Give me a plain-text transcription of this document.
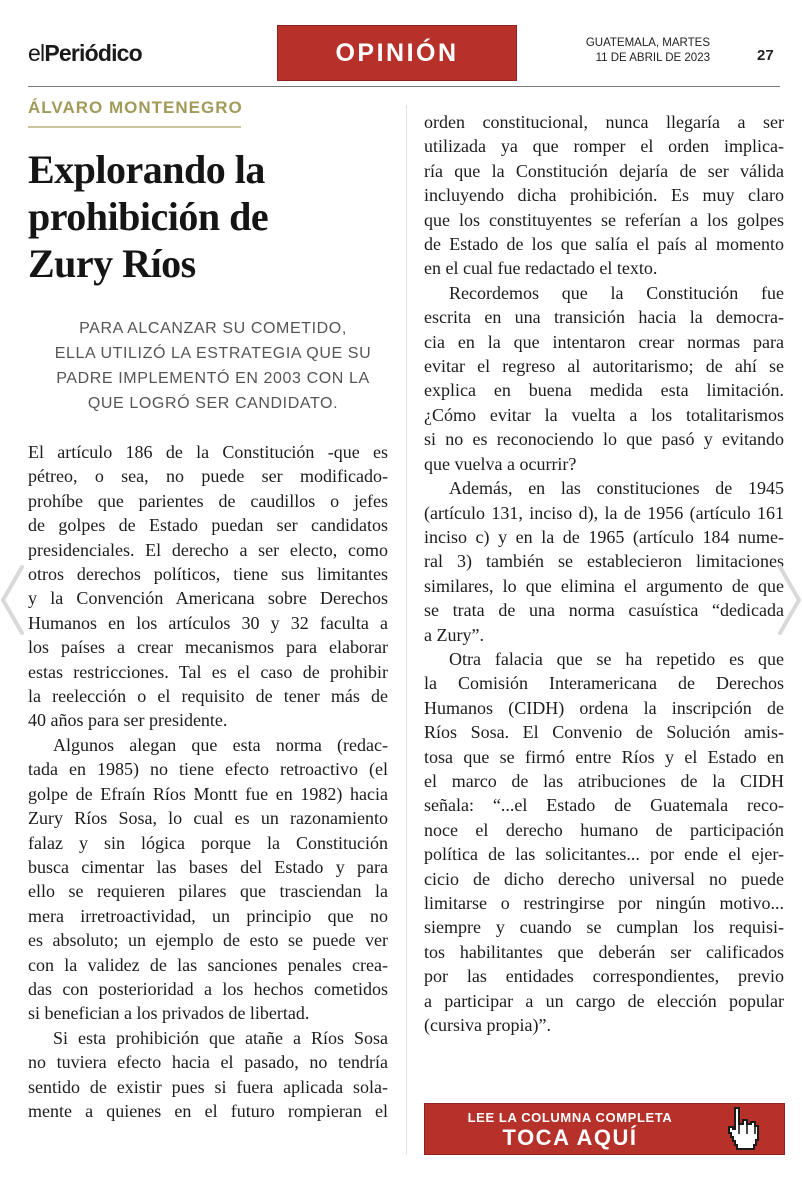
elPeriódico	OPINIÓN	GUATEMALA, MARTES
11 DE ABRIL DE 2023	27
ÁLVARO MONTENEGRO
Explorando la
prohibición de
Zury Ríos
PARA ALCANZAR SU COMETIDO,
ELLA UTILIZÓ LA ESTRATEGIA QUE SU
PADRE IMPLEMENTÓ EN 2003 CON LA
QUE LOGRÓ SER CANDIDATO.
El artículo 186 de la Constitución -que es
pétreo, o sea, no puede ser modificado-
prohíbe que parientes de caudillos o jefes
de golpes de Estado puedan ser candidatos
presidenciales. El derecho a ser electo, como
otros derechos políticos, tiene sus limitantes
y la Convención Americana sobre Derechos
Humanos en los artículos 30 y 32 faculta a
los países a crear mecanismos para elaborar
estas restricciones. Tal es el caso de prohibir
la reelección o el requisito de tener más de
40 años para ser presidente.
Algunos alegan que esta norma (redac-
tada en 1985) no tiene efecto retroactivo (el
golpe de Efraín Ríos Montt fue en 1982) hacia
Zury Ríos Sosa, lo cual es un razonamiento
falaz y sin lógica porque la Constitución
busca cimentar las bases del Estado y para
ello se requieren pilares que trasciendan la
mera irretroactividad, un principio que no
es absoluto; un ejemplo de esto se puede ver
con la validez de las sanciones penales crea-
das con posterioridad a los hechos cometidos
si benefician a los privados de libertad.
Si esta prohibición que atañe a Ríos Sosa
no tuviera efecto hacia el pasado, no tendría
sentido de existir pues si fuera aplicada sola-
mente a quienes en el futuro rompieran el
orden constitucional, nunca llegaría a ser
utilizada ya que romper el orden implica-
ría que la Constitución dejaría de ser válida
incluyendo dicha prohibición. Es muy claro
que los constituyentes se referían a los golpes
de Estado de los que salía el país al momento
en el cual fue redactado el texto.
Recordemos que la Constitución fue
escrita en una transición hacia la democra-
cia en la que intentaron crear normas para
evitar el regreso al autoritarismo; de ahí se
explica en buena medida esta limitación.
¿Cómo evitar la vuelta a los totalitarismos
si no es reconociendo lo que pasó y evitando
que vuelva a ocurrir?
Además, en las constituciones de 1945
(artículo 131, inciso d), la de 1956 (artículo 161
inciso c) y en la de 1965 (artículo 184 nume-
ral 3) también se establecieron limitaciones
similares, lo que elimina el argumento de que
se trata de una norma casuística “dedicada
a Zury”.
Otra falacia que se ha repetido es que
la Comisión Interamericana de Derechos
Humanos (CIDH) ordena la inscripción de
Ríos Sosa. El Convenio de Solución amis-
tosa que se firmó entre Ríos y el Estado en
el marco de las atribuciones de la CIDH
señala: “...el Estado de Guatemala reco-
noce el derecho humano de participación
política de las solicitantes... por ende el ejer-
cicio de dicho derecho universal no puede
limitarse o restringirse por ningún motivo...
siempre y cuando se cumplan los requisi-
tos habilitantes que deberán ser calificados
por las entidades correspondientes, previo
a participar a un cargo de elección popular
(cursiva propia)”.
LEE LA COLUMNA COMPLETA
TOCA AQUÍ
